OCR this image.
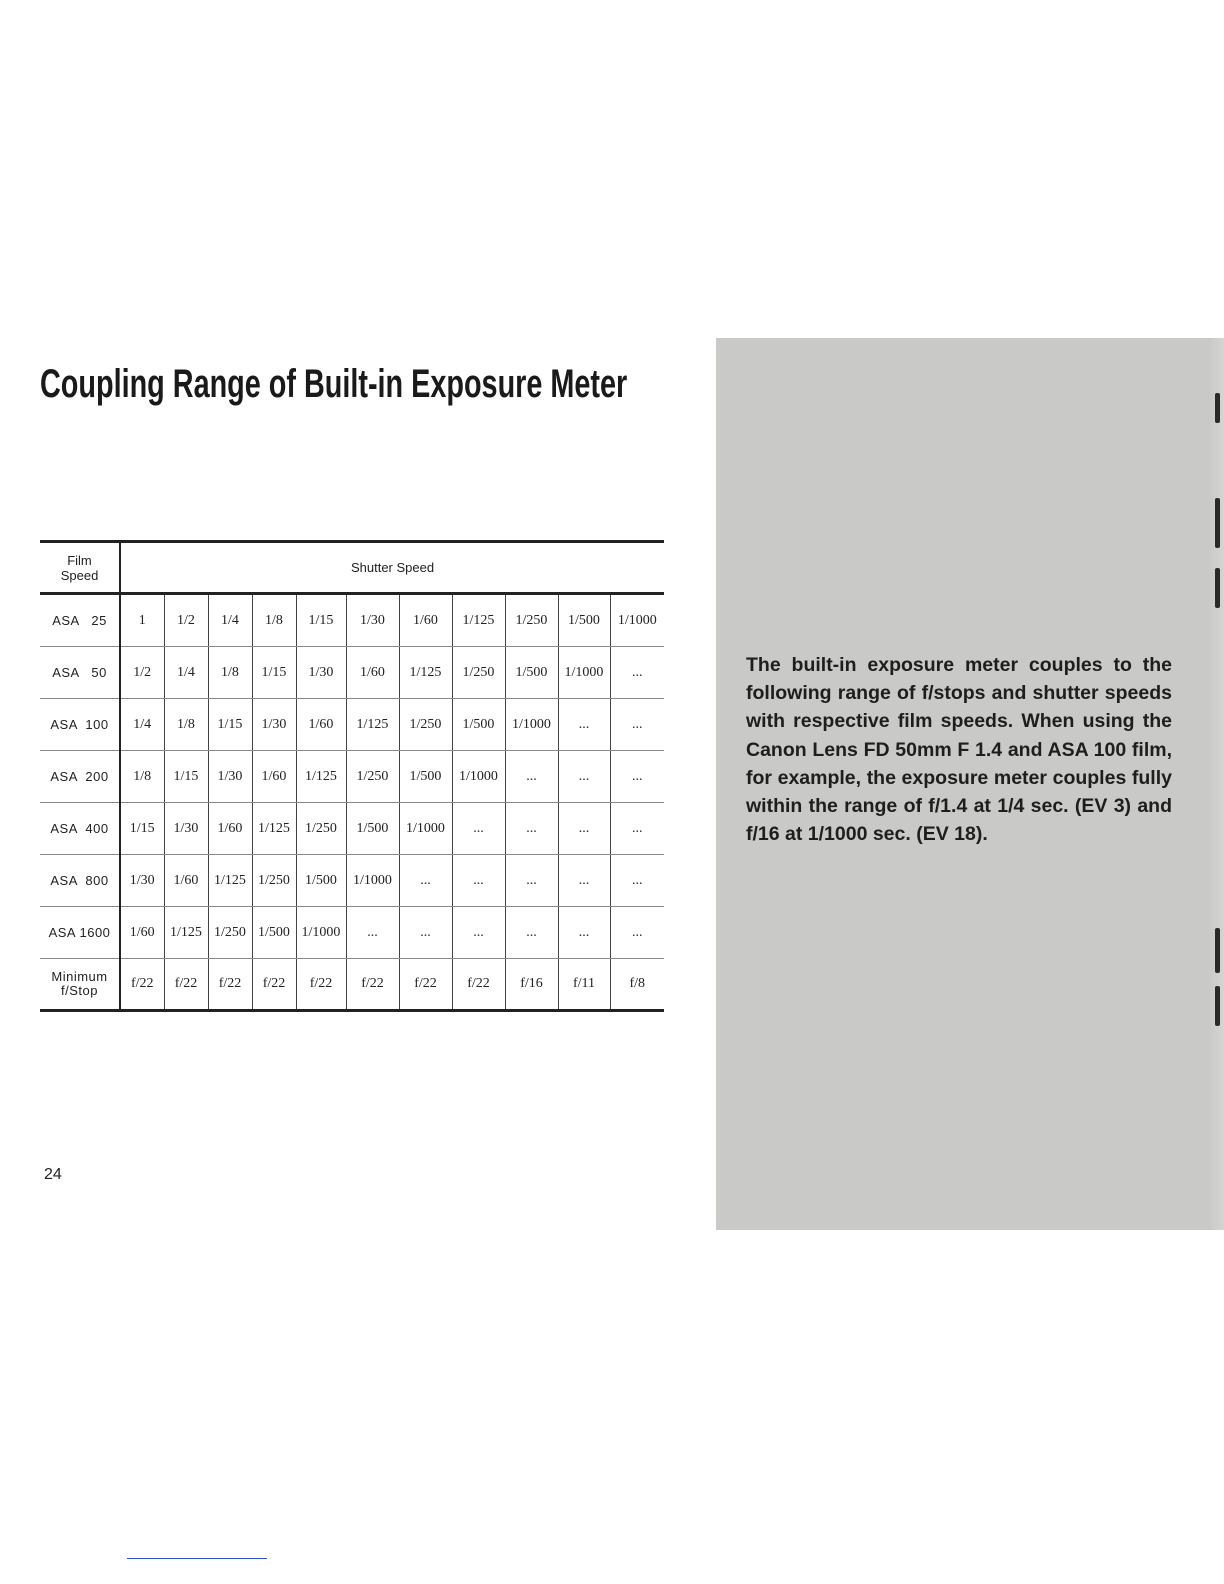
Coupling Range of Built-in Exposure Meter
Film
Speed	Shutter Speed										
ASA   25	1	1/2	1/4	1/8	1/15	1/30	1/60	1/125	1/250	1/500	1/1000
ASA   50	1/2	1/4	1/8	1/15	1/30	1/60	1/125	1/250	1/500	1/1000	...
ASA  100	1/4	1/8	1/15	1/30	1/60	1/125	1/250	1/500	1/1000	...	...
ASA  200	1/8	1/15	1/30	1/60	1/125	1/250	1/500	1/1000	...	...	...
ASA  400	1/15	1/30	1/60	1/125	1/250	1/500	1/1000	...	...	...	...
ASA  800	1/30	1/60	1/125	1/250	1/500	1/1000	...	...	...	...	...
ASA 1600	1/60	1/125	1/250	1/500	1/1000	...	...	...	...	...	...
Minimum
f/Stop	f/22	f/22	f/22	f/22	f/22	f/22	f/22	f/22	f/16	f/11	f/8
24
The built-in exposure meter couples to the following range of f/stops and shutter speeds with respective film speeds. When using the Canon Lens FD 50mm F 1.4 and ASA 100 film, for example, the exposure meter couples fully within the range of f/1.4 at 1/4 sec. (EV 3) and f/16 at 1/1000 sec. (EV 18).
